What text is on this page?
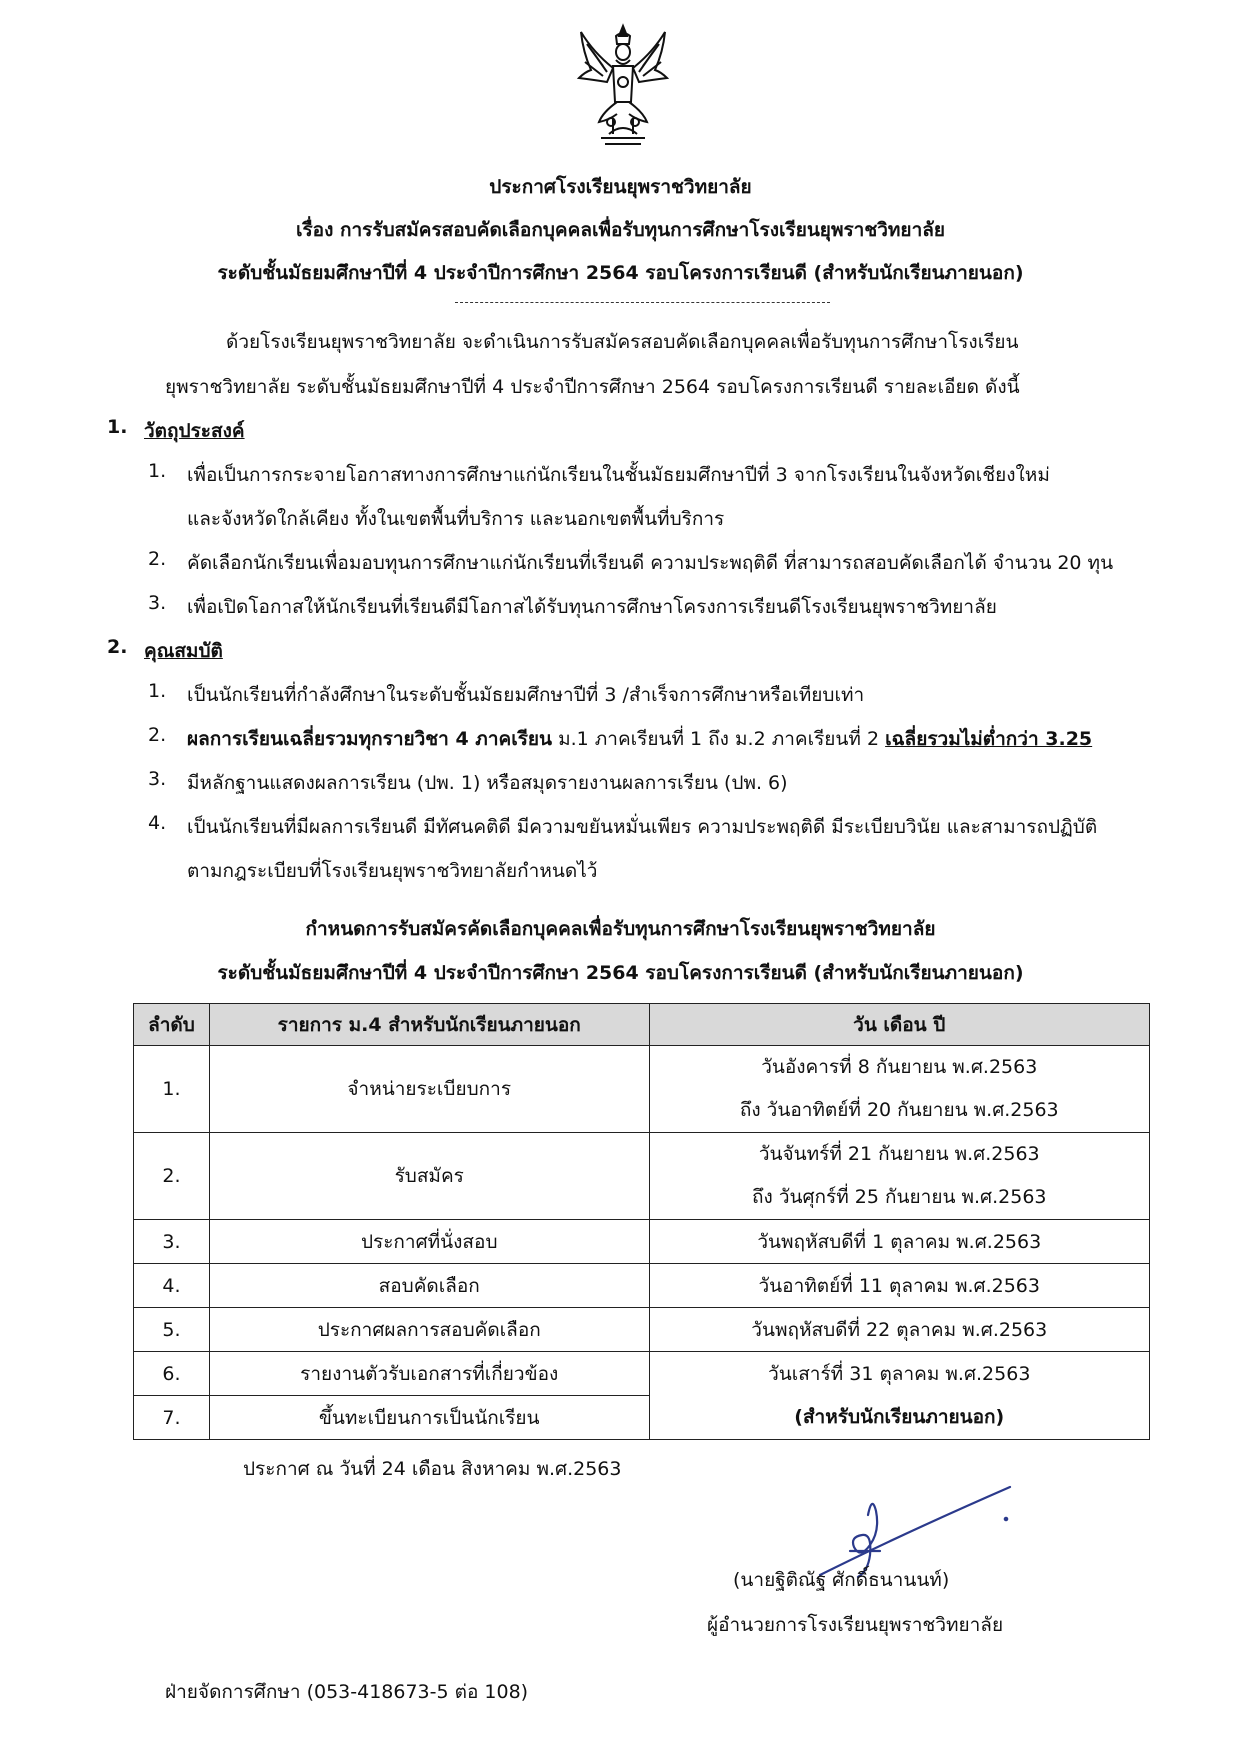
ประกาศโรงเรียนยุพราชวิทยาลัย
เรื่อง การรับสมัครสอบคัดเลือกบุคคลเพื่อรับทุนการศึกษาโรงเรียนยุพราชวิทยาลัย
ระดับชั้นมัธยมศึกษาปีที่ 4 ประจำปีการศึกษา 2564 รอบโครงการเรียนดี (สำหรับนักเรียนภายนอก)
ด้วยโรงเรียนยุพราชวิทยาลัย จะดำเนินการรับสมัครสอบคัดเลือกบุคคลเพื่อรับทุนการศึกษาโรงเรียน
ยุพราชวิทยาลัย ระดับชั้นมัธยมศึกษาปีที่ 4 ประจำปีการศึกษา 2564 รอบโครงการเรียนดี รายละเอียด ดังนี้
1. วัตถุประสงค์
1. เพื่อเป็นการกระจายโอกาสทางการศึกษาแก่นักเรียนในชั้นมัธยมศึกษาปีที่ 3 จากโรงเรียนในจังหวัดเชียงใหม่
และจังหวัดใกล้เคียง ทั้งในเขตพื้นที่บริการ และนอกเขตพื้นที่บริการ
2. คัดเลือกนักเรียนเพื่อมอบทุนการศึกษาแก่นักเรียนที่เรียนดี ความประพฤติดี ที่สามารถสอบคัดเลือกได้ จำนวน 20 ทุน
3. เพื่อเปิดโอกาสให้นักเรียนที่เรียนดีมีโอกาสได้รับทุนการศึกษาโครงการเรียนดีโรงเรียนยุพราชวิทยาลัย
2. คุณสมบัติ
1. เป็นนักเรียนที่กำลังศึกษาในระดับชั้นมัธยมศึกษาปีที่ 3 /สำเร็จการศึกษาหรือเทียบเท่า
2. ผลการเรียนเฉลี่ยรวมทุกรายวิชา 4 ภาคเรียน ม.1 ภาคเรียนที่ 1 ถึง ม.2 ภาคเรียนที่ 2 เฉลี่ยรวมไม่ต่ำกว่า 3.25
3. มีหลักฐานแสดงผลการเรียน (ปพ. 1) หรือสมุดรายงานผลการเรียน (ปพ. 6)
4. เป็นนักเรียนที่มีผลการเรียนดี มีทัศนคติดี มีความขยันหมั่นเพียร ความประพฤติดี มีระเบียบวินัย และสามารถปฏิบัติ
ตามกฎระเบียบที่โรงเรียนยุพราชวิทยาลัยกำหนดไว้
กำหนดการรับสมัครคัดเลือกบุคคลเพื่อรับทุนการศึกษาโรงเรียนยุพราชวิทยาลัย
ระดับชั้นมัธยมศึกษาปีที่ 4 ประจำปีการศึกษา 2564 รอบโครงการเรียนดี (สำหรับนักเรียนภายนอก)
ลำดับ	รายการ ม.4 สำหรับนักเรียนภายนอก	วัน เดือน ปี
1.	จำหน่ายระเบียบการ	วันอังคารที่ 8 กันยายน พ.ศ.2563
ถึง วันอาทิตย์ที่ 20 กันยายน พ.ศ.2563

2.	รับสมัคร	วันจันทร์ที่ 21 กันยายน พ.ศ.2563
ถึง วันศุกร์ที่ 25 กันยายน พ.ศ.2563

3.	ประกาศที่นั่งสอบ	วันพฤหัสบดีที่ 1 ตุลาคม พ.ศ.2563
4.	สอบคัดเลือก	วันอาทิตย์ที่ 11 ตุลาคม พ.ศ.2563
5.	ประกาศผลการสอบคัดเลือก	วันพฤหัสบดีที่ 22 ตุลาคม พ.ศ.2563
6.	รายงานตัวรับเอกสารที่เกี่ยวข้อง	วันเสาร์ที่ 31 ตุลาคม พ.ศ.2563
(สำหรับนักเรียนภายนอก)

7.	ขึ้นทะเบียนการเป็นนักเรียน	
ประกาศ ณ วันที่ 24 เดือน สิงหาคม พ.ศ.2563
(นายฐิติณัฐ ศักดิ์ธนานนท์)
ผู้อำนวยการโรงเรียนยุพราชวิทยาลัย
ฝ่ายจัดการศึกษา (053-418673-5 ต่อ 108)
